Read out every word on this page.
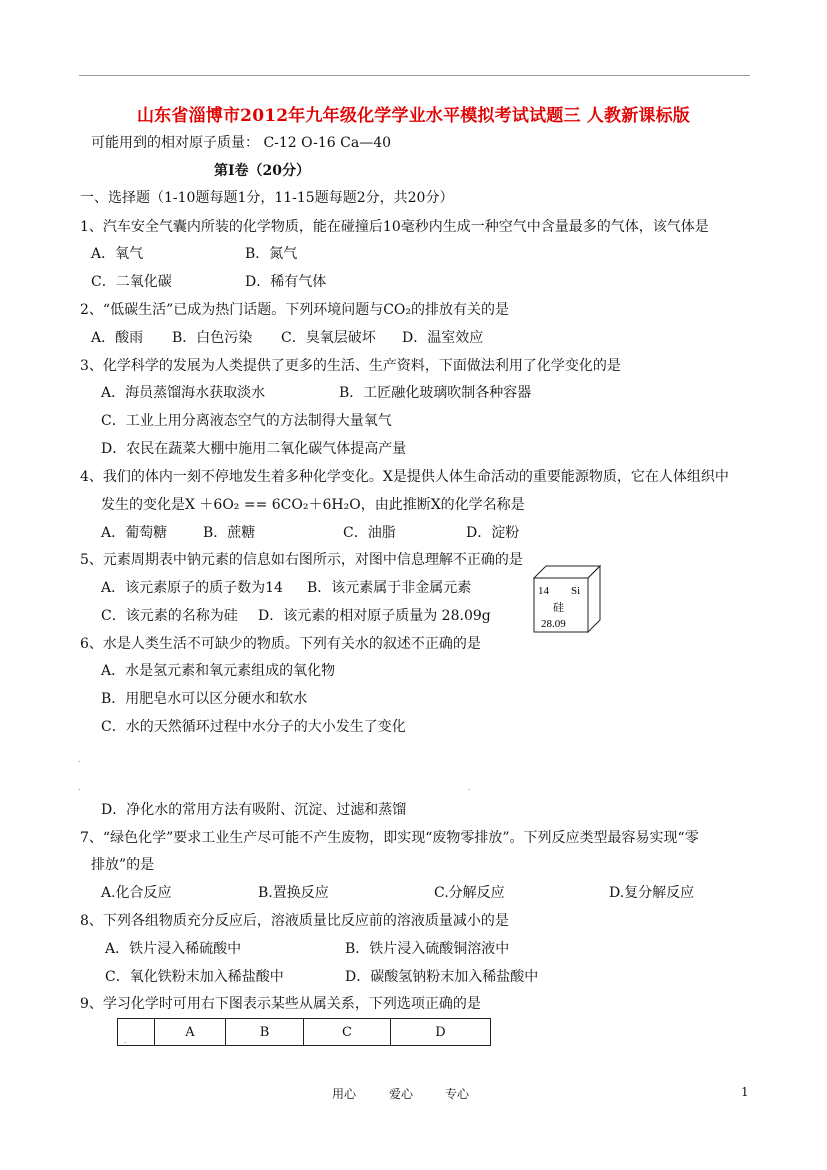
山东省淄博市2012年九年级化学学业水平模拟考试试题三 人教新课标版
可能用到的相对原子质量： C-12 O-16 Ca—40
第Ⅰ卷（20分）
一、选择题（1-10题每题1分，11-15题每题2分，共20分）
1、汽车安全气囊内所装的化学物质，能在碰撞后10毫秒内生成一种空气中含量最多的气体，该气体是
A．氧气	B．氮气
C．二氧化碳	D．稀有气体
2、“低碳生活”已成为热门话题。下列环境问题与CO₂的排放有关的是
A．酸雨 B．白色污染 C．臭氧层破坏 D．温室效应
3、化学科学的发展为人类提供了更多的生活、生产资料，下面做法利用了化学变化的是
A．海员蒸馏海水获取淡水	B．工匠融化玻璃吹制各种容器
C．工业上用分离液态空气的方法制得大量氧气
D．农民在蔬菜大棚中施用二氧化碳气体提高产量
4、我们的体内一刻不停地发生着多种化学变化。X是提供人体生命活动的重要能源物质，它在人体组织中
发生的变化是X ＋6O₂ == 6CO₂＋6H₂O，由此推断X的化学名称是
A．葡萄糖	B．蔗糖	C．油脂	D．淀粉
5、元素周期表中钠元素的信息如右图所示，对图中信息理解不正确的是
A．该元素原子的质子数为14 B．该元素属于非金属元素
C．该元素的名称为硅 D．该元素的相对原子质量为 28.09g
14 Si
硅
28.09
6、水是人类生活不可缺少的物质。下列有关水的叙述不正确的是
A．水是氢元素和氧元素组成的氧化物
B．用肥皂水可以区分硬水和软水
C．水的天然循环过程中水分子的大小发生了变化
.
.	.
D．净化水的常用方法有吸附、沉淀、过滤和蒸馏
7、“绿色化学”要求工业生产尽可能不产生废物，即实现“废物零排放”。下列反应类型最容易实现“零
排放”的是
A.化合反应	B.置换反应	C.分解反应	D.复分解反应
8、下列各组物质充分反应后，溶液质量比反应前的溶液质量减小的是
A．铁片浸入稀硫酸中	B．铁片浸入硫酸铜溶液中
C．氧化铁粉末加入稀盐酸中	D．碳酸氢钠粉末加入稀盐酸中
9、学习化学时可用右下图表示某些从属关系，下列选项正确的是
.	A	B	C	D
用心	爱心	专心	1
